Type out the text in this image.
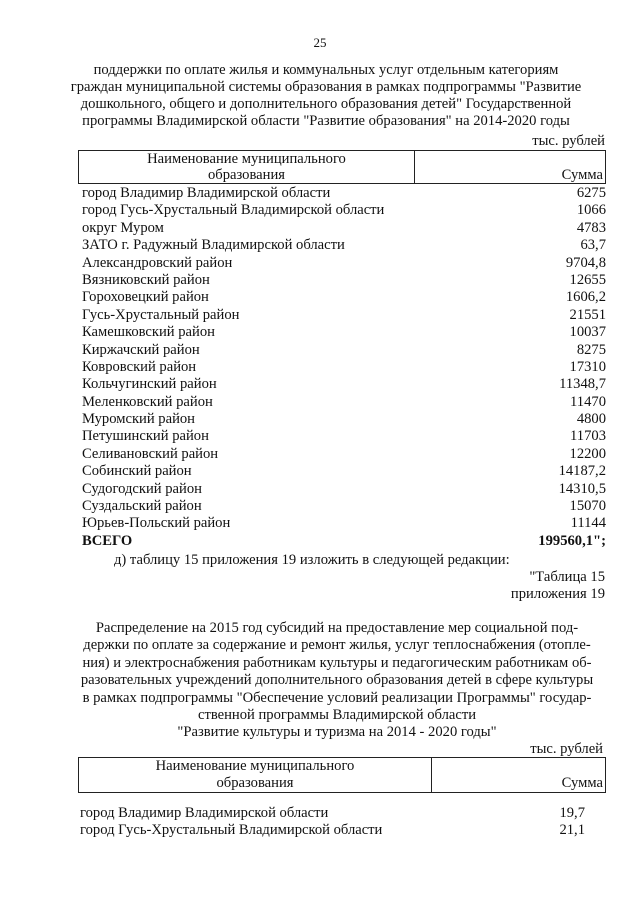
25
поддержки по оплате жилья и коммунальных услуг отдельным категориям
граждан муниципальной системы образования в рамках подпрограммы "Развитие
дошкольного, общего и дополнительного образования детей" Государственной
программы Владимирской области "Развитие образования" на 2014-2020 годы
тыс. рублей
Наименование муниципального
образования	Сумма
город Владимир Владимирской области	6275
город Гусь-Хрустальный Владимирской области	1066
округ Муром	4783
ЗАТО г. Радужный Владимирской области	63,7
Александровский район	9704,8
Вязниковский район	12655
Гороховецкий район	1606,2
Гусь-Хрустальный район	21551
Камешковский район	10037
Киржачский район	8275
Ковровский район	17310
Кольчугинский район	11348,7
Меленковский район	11470
Муромский район	4800
Петушинский район	11703
Селивановский район	12200
Собинский район	14187,2
Судогодский район	14310,5
Суздальский район	15070
Юрьев-Польский район	11144
ВСЕГО	199560,1";
д) таблицу 15 приложения 19 изложить в следующей редакции:
"Таблица 15
приложения 19
Распределение на 2015 год субсидий на предоставление мер социальной под-
держки по оплате за содержание и ремонт жилья, услуг теплоснабжения (отопле-
ния) и электроснабжения работникам культуры и педагогическим работникам об-
разовательных учреждений дополнительного образования детей в сфере культуры
в рамках подпрограммы "Обеспечение условий реализации Программы" государ-
ственной программы Владимирской области
"Развитие культуры и туризма на 2014 - 2020 годы"
тыс. рублей
Наименование муниципального
образования	Сумма
город Владимир Владимирской области	19,7
город Гусь-Хрустальный Владимирской области	21,1
